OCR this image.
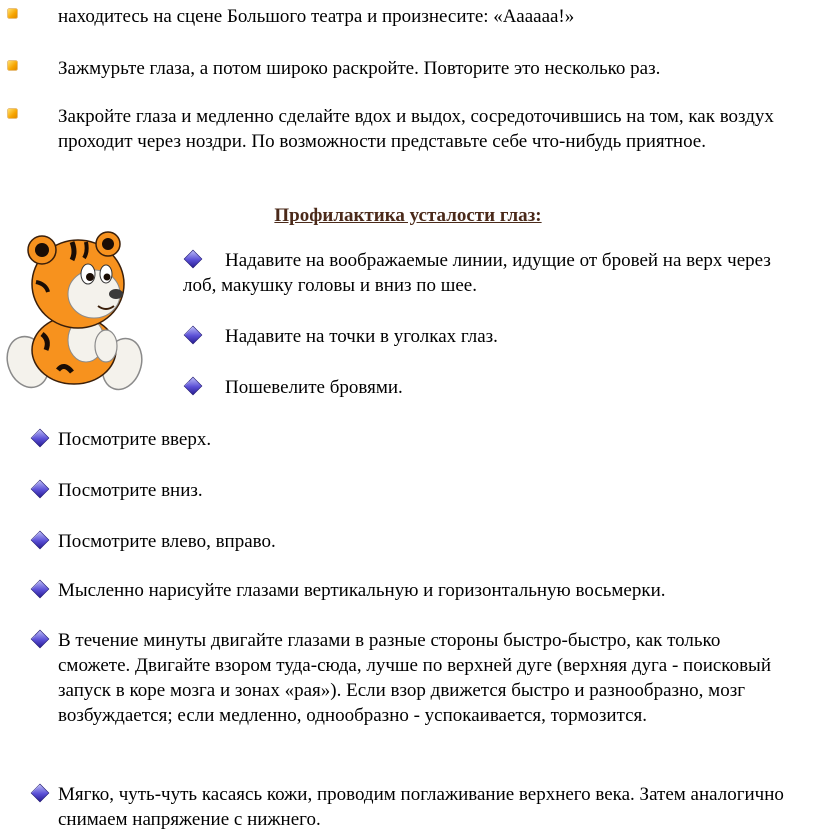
находитесь на сцене Большого театра и произнесите: «Аааааа!»
Зажмурьте глаза, а потом широко раскройте. Повторите это несколько раз.
Закройте глаза и медленно сделайте вдох и выдох, сосредоточившись на том, как воздух проходит через ноздри. По возможности представьте себе что-нибудь приятное.
Профилактика усталости глаз:
Надавите на воображаемые линии, идущие от бровей на верх через лоб, макушку головы и вниз по шее.
Надавите на точки в уголках глаз.
Пошевелите бровями.
Посмотрите вверх.
Посмотрите вниз.
Посмотрите влево, вправо.
Мысленно нарисуйте глазами вертикальную и горизонтальную восьмерки.
В течение минуты двигайте глазами в разные стороны быстро-быстро, как только сможете. Двигайте взором туда-сюда, лучше по верхней дуге (верхняя дуга - поисковый запуск в коре мозга и зонах «рая»). Если взор движется быстро и разнообразно, мозг возбуждается; если медленно, однообразно - успокаивается, тормозится.
Мягко, чуть-чуть касаясь кожи, проводим поглаживание верхнего века. Затем аналогично снимаем напряжение с нижнего.
